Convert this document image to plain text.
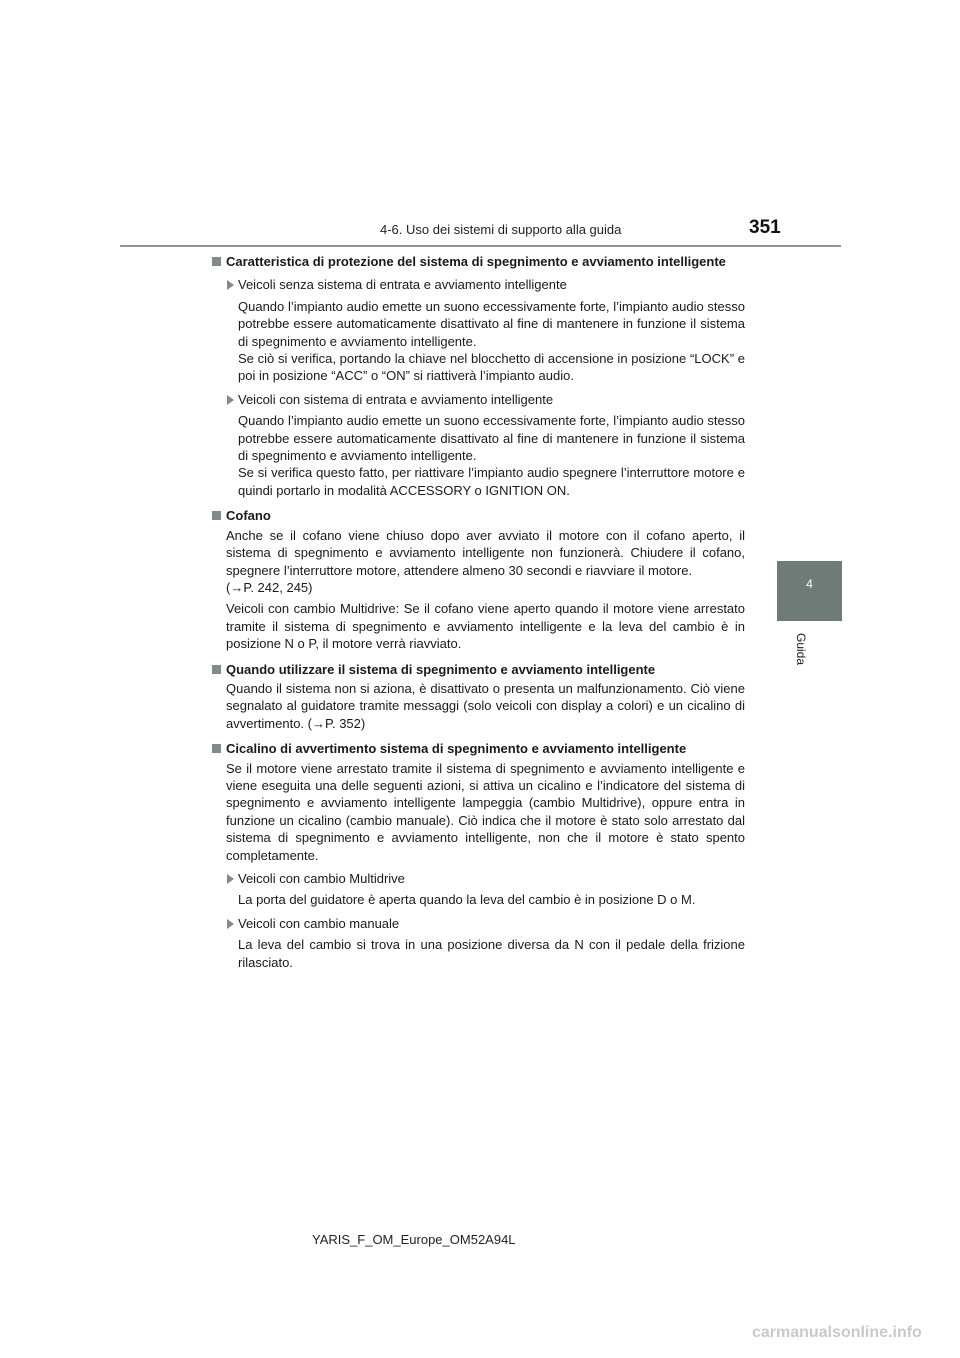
4-6. Uso dei sistemi di supporto alla guida	351
4
Guida
Caratteristica di protezione del sistema di spegnimento e avviamento intelligente
Veicoli senza sistema di entrata e avviamento intelligente
Quando l’impianto audio emette un suono eccessivamente forte, l’impianto audio stesso potrebbe essere automaticamente disattivato al fine di mantenere in funzione il sistema di spegnimento e avviamento intelligente.
Se ciò si verifica, portando la chiave nel blocchetto di accensione in posizione “LOCK” e poi in posizione “ACC” o “ON” si riattiverà l’impianto audio.
Veicoli con sistema di entrata e avviamento intelligente
Quando l’impianto audio emette un suono eccessivamente forte, l’impianto audio stesso potrebbe essere automaticamente disattivato al fine di mantenere in funzione il sistema di spegnimento e avviamento intelligente.
Se si verifica questo fatto, per riattivare l’impianto audio spegnere l’interruttore motore e quindi portarlo in modalità ACCESSORY o IGNITION ON.
Cofano
Anche se il cofano viene chiuso dopo aver avviato il motore con il cofano aperto, il sistema di spegnimento e avviamento intelligente non funzionerà. Chiudere il cofano, spegnere l’interruttore motore, attendere almeno 30 secondi e riavviare il motore.
(→P. 242, 245)
Veicoli con cambio Multidrive: Se il cofano viene aperto quando il motore viene arrestato tramite il sistema di spegnimento e avviamento intelligente e la leva del cambio è in posizione N o P, il motore verrà riavviato.
Quando utilizzare il sistema di spegnimento e avviamento intelligente
Quando il sistema non si aziona, è disattivato o presenta un malfunzionamento. Ciò viene segnalato al guidatore tramite messaggi (solo veicoli con display a colori) e un cicalino di avvertimento. (→P. 352)
Cicalino di avvertimento sistema di spegnimento e avviamento intelligente
Se il motore viene arrestato tramite il sistema di spegnimento e avviamento intelligente e viene eseguita una delle seguenti azioni, si attiva un cicalino e l’indicatore del sistema di spegnimento e avviamento intelligente lampeggia (cambio Multidrive), oppure entra in funzione un cicalino (cambio manuale). Ciò indica che il motore è stato solo arrestato dal sistema di spegnimento e avviamento intelligente, non che il motore è stato spento completamente.
Veicoli con cambio Multidrive
La porta del guidatore è aperta quando la leva del cambio è in posizione D o M.
Veicoli con cambio manuale
La leva del cambio si trova in una posizione diversa da N con il pedale della frizione rilasciato.
YARIS_F_OM_Europe_OM52A94L
carmanualsonline.info
